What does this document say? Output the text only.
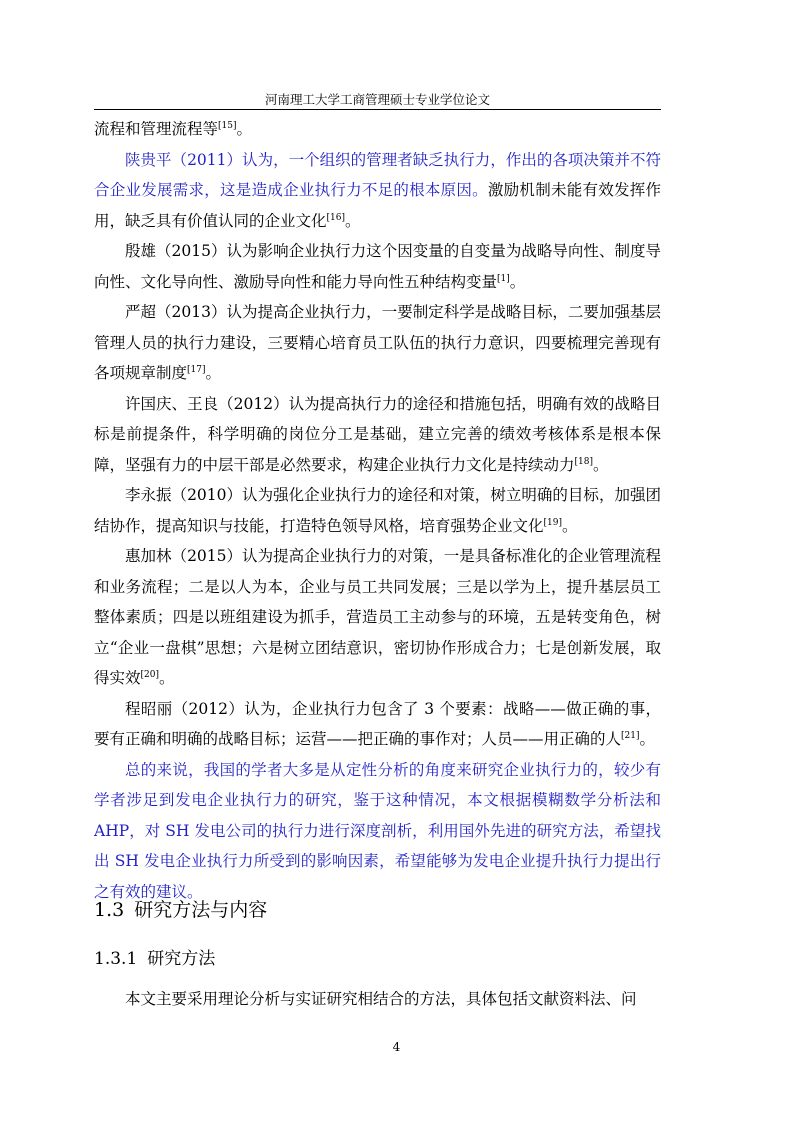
河南理工大学工商管理硕士专业学位论文

流程和管理流程等[15]。

陕贵平（2011）认为，一个组织的管理者缺乏执行力，作出的各项决策并不符合企业发展需求，这是造成企业执行力不足的根本原因。激励机制未能有效发挥作用，缺乏具有价值认同的企业文化[16]。

殷雄（2015）认为影响企业执行力这个因变量的自变量为战略导向性、制度导向性、文化导向性、激励导向性和能力导向性五种结构变量[1]。

严超（2013）认为提高企业执行力，一要制定科学是战略目标，二要加强基层管理人员的执行力建设，三要精心培育员工队伍的执行力意识，四要梳理完善现有各项规章制度[17]。

许国庆、王良（2012）认为提高执行力的途径和措施包括，明确有效的战略目标是前提条件，科学明确的岗位分工是基础，建立完善的绩效考核体系是根本保障，坚强有力的中层干部是必然要求，构建企业执行力文化是持续动力[18]。

李永振（2010）认为强化企业执行力的途径和对策，树立明确的目标，加强团结协作，提高知识与技能，打造特色领导风格，培育强势企业文化[19]。

惠加林（2015）认为提高企业执行力的对策，一是具备标准化的企业管理流程和业务流程；二是以人为本，企业与员工共同发展；三是以学为上，提升基层员工整体素质；四是以班组建设为抓手，营造员工主动参与的环境，五是转变角色，树立“企业一盘棋”思想；六是树立团结意识，密切协作形成合力；七是创新发展，取得实效[20]。

程昭丽（2012）认为，企业执行力包含了 3 个要素：战略——做正确的事，要有正确和明确的战略目标；运营——把正确的事作对；人员——用正确的人[21]。

总的来说，我国的学者大多是从定性分析的角度来研究企业执行力的，较少有学者涉足到发电企业执行力的研究，鉴于这种情况，本文根据模糊数学分析法和 AHP，对 SH 发电公司的执行力进行深度剖析，利用国外先进的研究方法，希望找出 SH 发电企业执行力所受到的影响因素，希望能够为发电企业提升执行力提出行之有效的建议。

1.3 研究方法与内容
1.3.1 研究方法

本文主要采用理论分析与实证研究相结合的方法，具体包括文献资料法、问

4
